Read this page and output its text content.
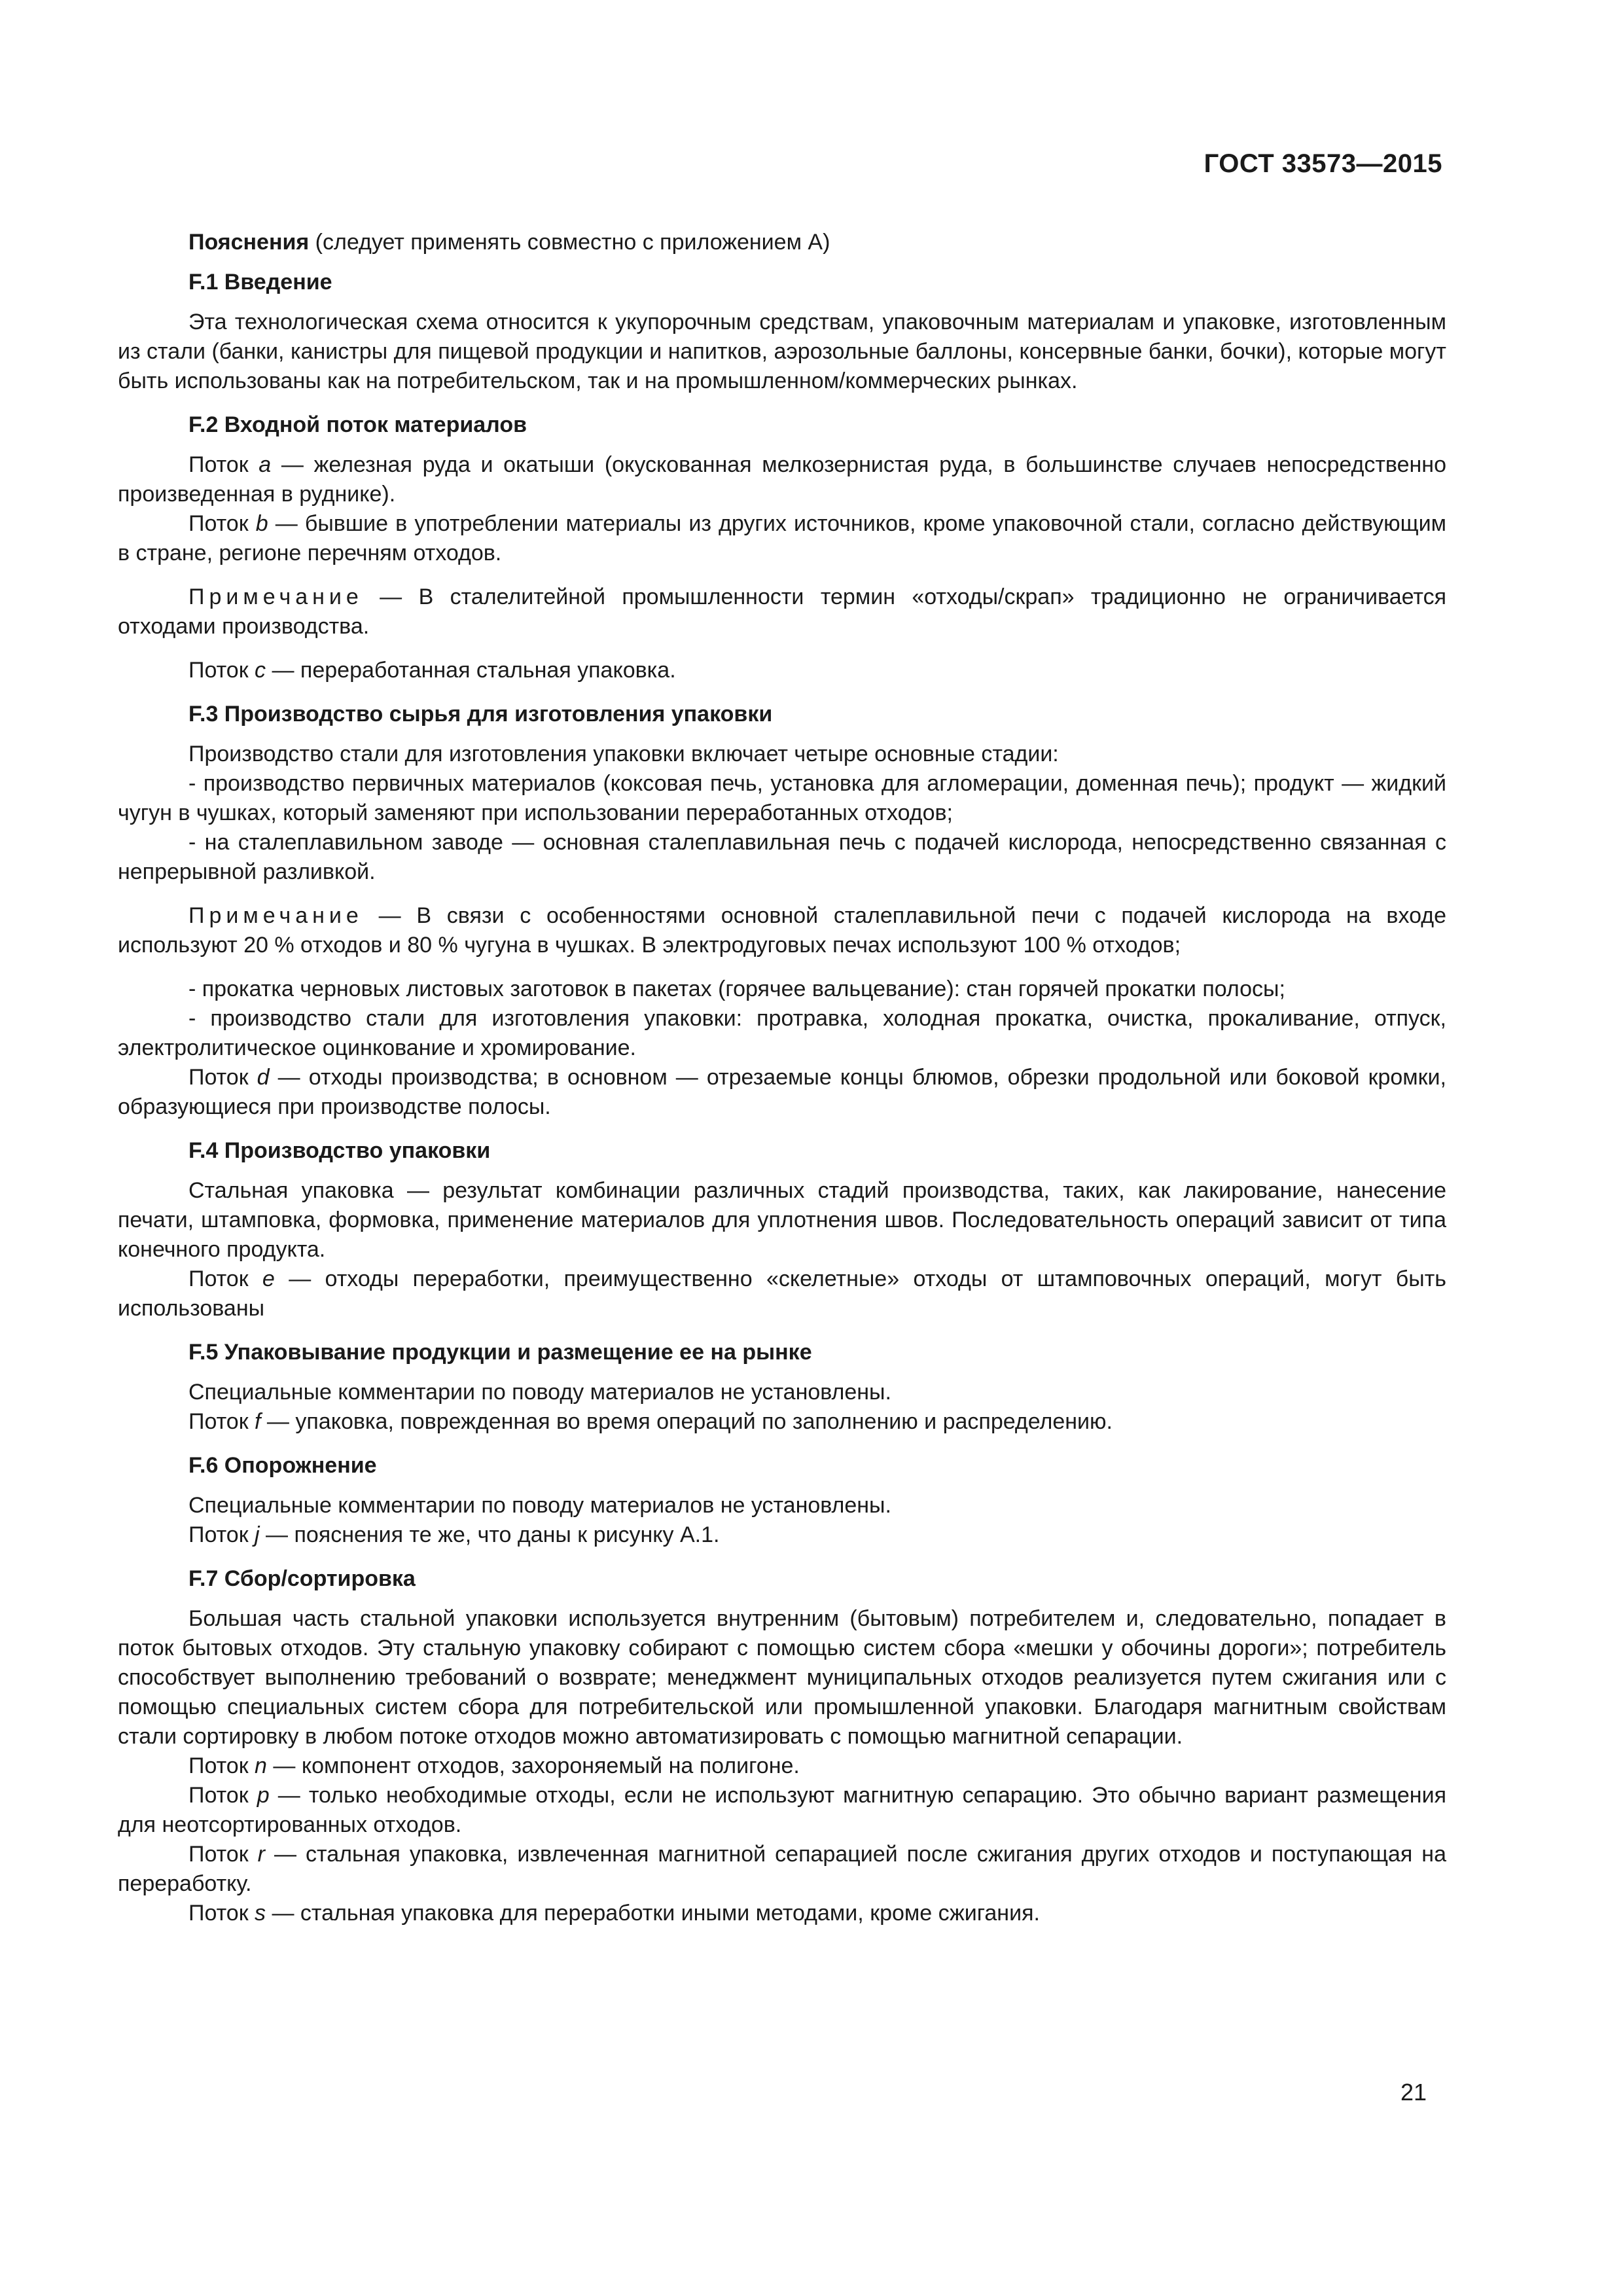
ГОСТ 33573—2015

Пояснения (следует применять совместно с приложением А)

F.1 Введение

Эта технологическая схема относится к укупорочным средствам, упаковочным материалам и упаковке, изготовленным из стали (банки, канистры для пищевой продукции и напитков, аэрозольные баллоны, консервные банки, бочки), которые могут быть использованы как на потребительском, так и на промышленном/коммерческих рынках.

F.2 Входной поток материалов

Поток a — железная руда и окатыши (окускованная мелкозернистая руда, в большинстве случаев непосредственно произведенная в руднике).

Поток b — бывшие в употреблении материалы из других источников, кроме упаковочной стали, согласно действующим в стране, регионе перечням отходов.

Примечание — В сталелитейной промышленности термин «отходы/скрап» традиционно не ограничивается отходами производства.

Поток c — переработанная стальная упаковка.

F.3 Производство сырья для изготовления упаковки

Производство стали для изготовления упаковки включает четыре основные стадии:

- производство первичных материалов (коксовая печь, установка для агломерации, доменная печь); продукт — жидкий чугун в чушках, который заменяют при использовании переработанных отходов;

- на сталеплавильном заводе — основная сталеплавильная печь с подачей кислорода, непосредственно связанная с непрерывной разливкой.

Примечание — В связи с особенностями основной сталеплавильной печи с подачей кислорода на входе используют 20 % отходов и 80 % чугуна в чушках. В электродуговых печах используют 100 % отходов;

- прокатка черновых листовых заготовок в пакетах (горячее вальцевание): стан горячей прокатки полосы;

- производство стали для изготовления упаковки: протравка, холодная прокатка, очистка, прокаливание, отпуск, электролитическое оцинкование и хромирование.

Поток d — отходы производства; в основном — отрезаемые концы блюмов, обрезки продольной или боковой кромки, образующиеся при производстве полосы.

F.4 Производство упаковки

Стальная упаковка — результат комбинации различных стадий производства, таких, как лакирование, нанесение печати, штамповка, формовка, применение материалов для уплотнения швов. Последовательность операций зависит от типа конечного продукта.

Поток e — отходы переработки, преимущественно «скелетные» отходы от штамповочных операций, могут быть использованы

F.5 Упаковывание продукции и размещение ее на рынке

Специальные комментарии по поводу материалов не установлены.

Поток f — упаковка, поврежденная во время операций по заполнению и распределению.

F.6 Опорожнение

Специальные комментарии по поводу материалов не установлены.

Поток j — пояснения те же, что даны к рисунку А.1.

F.7 Сбор/сортировка

Большая часть стальной упаковки используется внутренним (бытовым) потребителем и, следовательно, попадает в поток бытовых отходов. Эту стальную упаковку собирают с помощью систем сбора «мешки у обочины дороги»; потребитель способствует выполнению требований о возврате; менеджмент муниципальных отходов реализуется путем сжигания или с помощью специальных систем сбора для потребительской или промышленной упаковки. Благодаря магнитным свойствам стали сортировку в любом потоке отходов можно автоматизировать с помощью магнитной сепарации.

Поток n — компонент отходов, захороняемый на полигоне.

Поток p — только необходимые отходы, если не используют магнитную сепарацию. Это обычно вариант размещения для неотсортированных отходов.

Поток r — стальная упаковка, извлеченная магнитной сепарацией после сжигания других отходов и поступающая на переработку.

Поток s — стальная упаковка для переработки иными методами, кроме сжигания.

21
